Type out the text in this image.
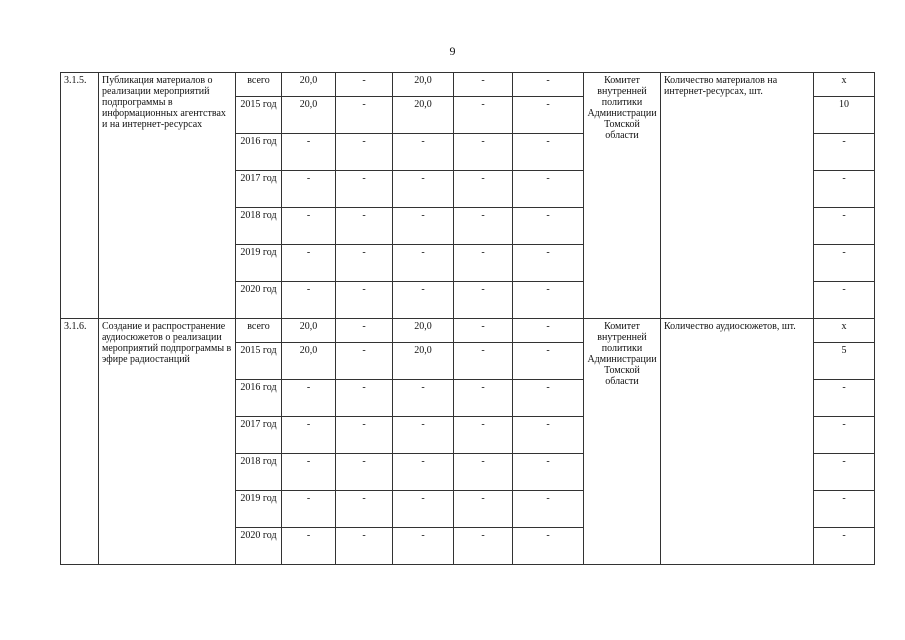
9
3.1.5.	Публикация материалов о реализации мероприятий подпрограммы в информационных агентствах и на интернет-ресурсах	всего	20,0	-	20,0	-	-	Комитет внутренней политики Администрации Томской области	Количество материалов на интернет-ресурсах, шт.	х
		2015 год	20,0	-	20,0	-	-			10
		2016 год	-	-	-	-	-			-
		2017 год	-	-	-	-	-			-
		2018 год	-	-	-	-	-			-
		2019 год	-	-	-	-	-			-
		2020 год	-	-	-	-	-			-
3.1.6.	Создание и распространение аудиосюжетов о реализации мероприятий подпрограммы в эфире радиостанций	всего	20,0	-	20,0	-	-	Комитет внутренней политики Администрации Томской области	Количество аудиосюжетов, шт.	х
		2015 год	20,0	-	20,0	-	-			5
		2016 год	-	-	-	-	-			-
		2017 год	-	-	-	-	-			-
		2018 год	-	-	-	-	-			-
		2019 год	-	-	-	-	-			-
		2020 год	-	-	-	-	-			-
